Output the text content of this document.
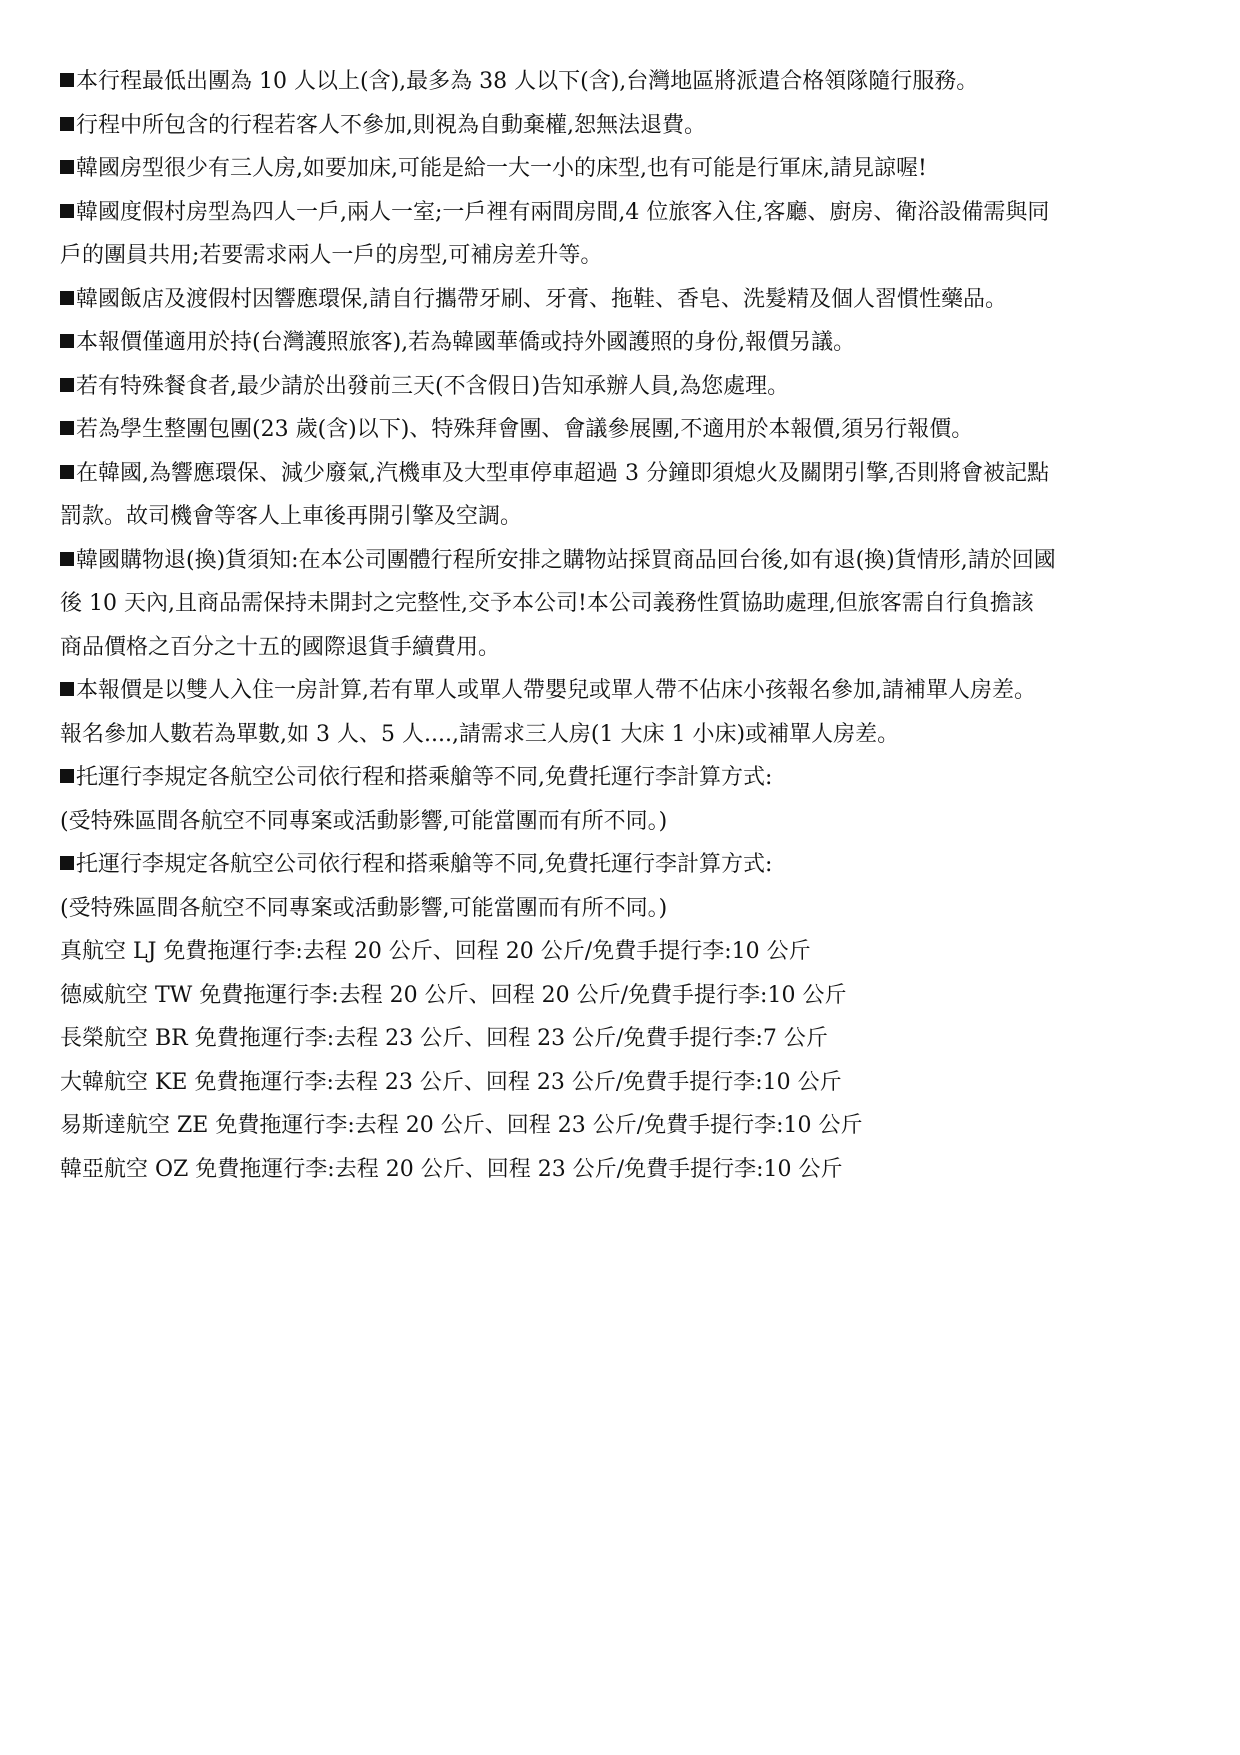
本行程最低出團為 10 人以上(含),最多為 38 人以下(含),台灣地區將派遣合格領隊隨行服務。
行程中所包含的行程若客人不參加,則視為自動棄權,恕無法退費。
韓國房型很少有三人房,如要加床,可能是給一大一小的床型,也有可能是行軍床,請見諒喔!
韓國度假村房型為四人一戶,兩人一室;一戶裡有兩間房間,4 位旅客入住,客廳、廚房、衛浴設備需與同
戶的團員共用;若要需求兩人一戶的房型,可補房差升等。
韓國飯店及渡假村因響應環保,請自行攜帶牙刷、牙膏、拖鞋、香皂、洗髮精及個人習慣性藥品。
本報價僅適用於持(台灣護照旅客),若為韓國華僑或持外國護照的身份,報價另議。
若有特殊餐食者,最少請於出發前三天(不含假日)告知承辦人員,為您處理。
若為學生整團包團(23 歲(含)以下)、特殊拜會團、會議參展團,不適用於本報價,須另行報價。
在韓國,為響應環保、減少廢氣,汽機車及大型車停車超過 3 分鐘即須熄火及關閉引擎,否則將會被記點
罰款。故司機會等客人上車後再開引擎及空調。
韓國購物退(換)貨須知:在本公司團體行程所安排之購物站採買商品回台後,如有退(換)貨情形,請於回國
後 10 天內,且商品需保持未開封之完整性,交予本公司!本公司義務性質協助處理,但旅客需自行負擔該
商品價格之百分之十五的國際退貨手續費用。
本報價是以雙人入住一房計算,若有單人或單人帶嬰兒或單人帶不佔床小孩報名參加,請補單人房差。
報名參加人數若為單數,如 3 人、5 人....,請需求三人房(1 大床 1 小床)或補單人房差。
托運行李規定各航空公司依行程和搭乘艙等不同,免費托運行李計算方式:
(受特殊區間各航空不同專案或活動影響,可能當團而有所不同。)
托運行李規定各航空公司依行程和搭乘艙等不同,免費托運行李計算方式:
(受特殊區間各航空不同專案或活動影響,可能當團而有所不同。)
真航空 LJ 免費拖運行李:去程 20 公斤、回程 20 公斤/免費手提行李:10 公斤
德威航空 TW 免費拖運行李:去程 20 公斤、回程 20 公斤/免費手提行李:10 公斤
長榮航空 BR 免費拖運行李:去程 23 公斤、回程 23 公斤/免費手提行李:7 公斤
大韓航空 KE 免費拖運行李:去程 23 公斤、回程 23 公斤/免費手提行李:10 公斤
易斯達航空 ZE 免費拖運行李:去程 20 公斤、回程 23 公斤/免費手提行李:10 公斤
韓亞航空 OZ 免費拖運行李:去程 20 公斤、回程 23 公斤/免費手提行李:10 公斤
